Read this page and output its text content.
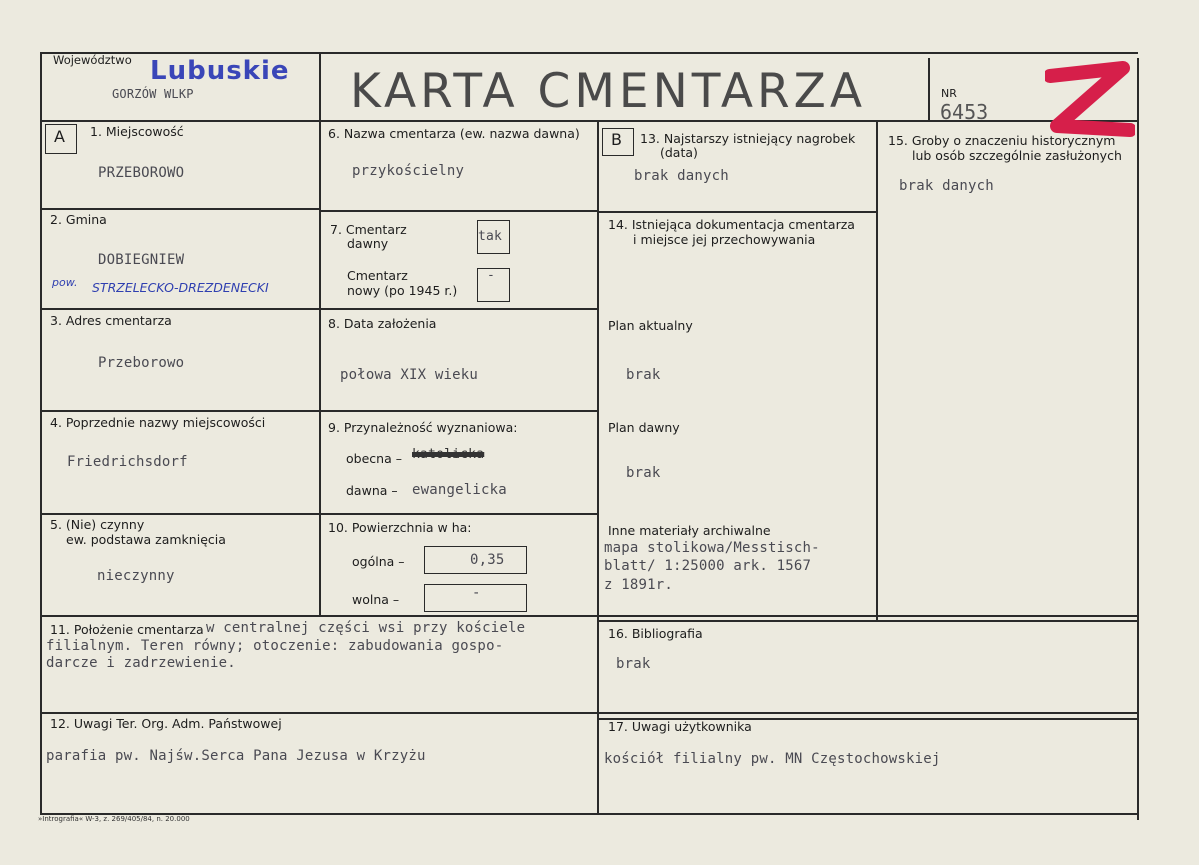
Województwo Lubuskie
GORZÓW WLKP	KARTA CMENTARZA	NR
6453
A 1. Miejscowość
PRZEBOROWO
2. Gmina
DOBIEGNIEW
pow. STRZELECKO-DREZDENECKI
3. Adres cmentarza
Przeborowo
4. Poprzednie nazwy miejscowości
Friedrichsdorf
5. (Nie) czynny
ew. podstawa zamknięcia
nieczynny
6. Nazwa cmentarza (ew. nazwa dawna)
przykościelny
7. Cmentarz
dawny	tak
Cmentarz
nowy (po 1945 r.)
-
8. Data założenia
połowa XIX wieku
9. Przynależność wyznaniowa:
obecna – katolicka
dawna – ewangelicka
10. Powierzchnia w ha:
ogólna –	0,35
wolna –	-
B 13. Najstarszy istniejący nagrobek
(data)
brak danych
14. Istniejąca dokumentacja cmentarza
i miejsce jej przechowywania
Plan aktualny
brak
Plan dawny
brak
Inne materiały archiwalne
mapa stolikowa/Messtisch-
blatt/ 1:25000 ark. 1567
z 1891r.
15. Groby o znaczeniu historycznym
lub osób szczególnie zasłużonych
brak danych
11. Położenie cmentarza w centralnej części wsi przy kościele
filialnym. Teren równy; otoczenie: zabudowania gospo-
darcze i zadrzewienie.
12. Uwagi Ter. Org. Adm. Państwowej
parafia pw. Najśw.Serca Pana Jezusa w Krzyżu
16. Bibliografia
brak
17. Uwagi użytkownika
kościół filialny pw. MN Częstochowskiej
»Intrografia« W-3, z. 269/405/84, n. 20.000
